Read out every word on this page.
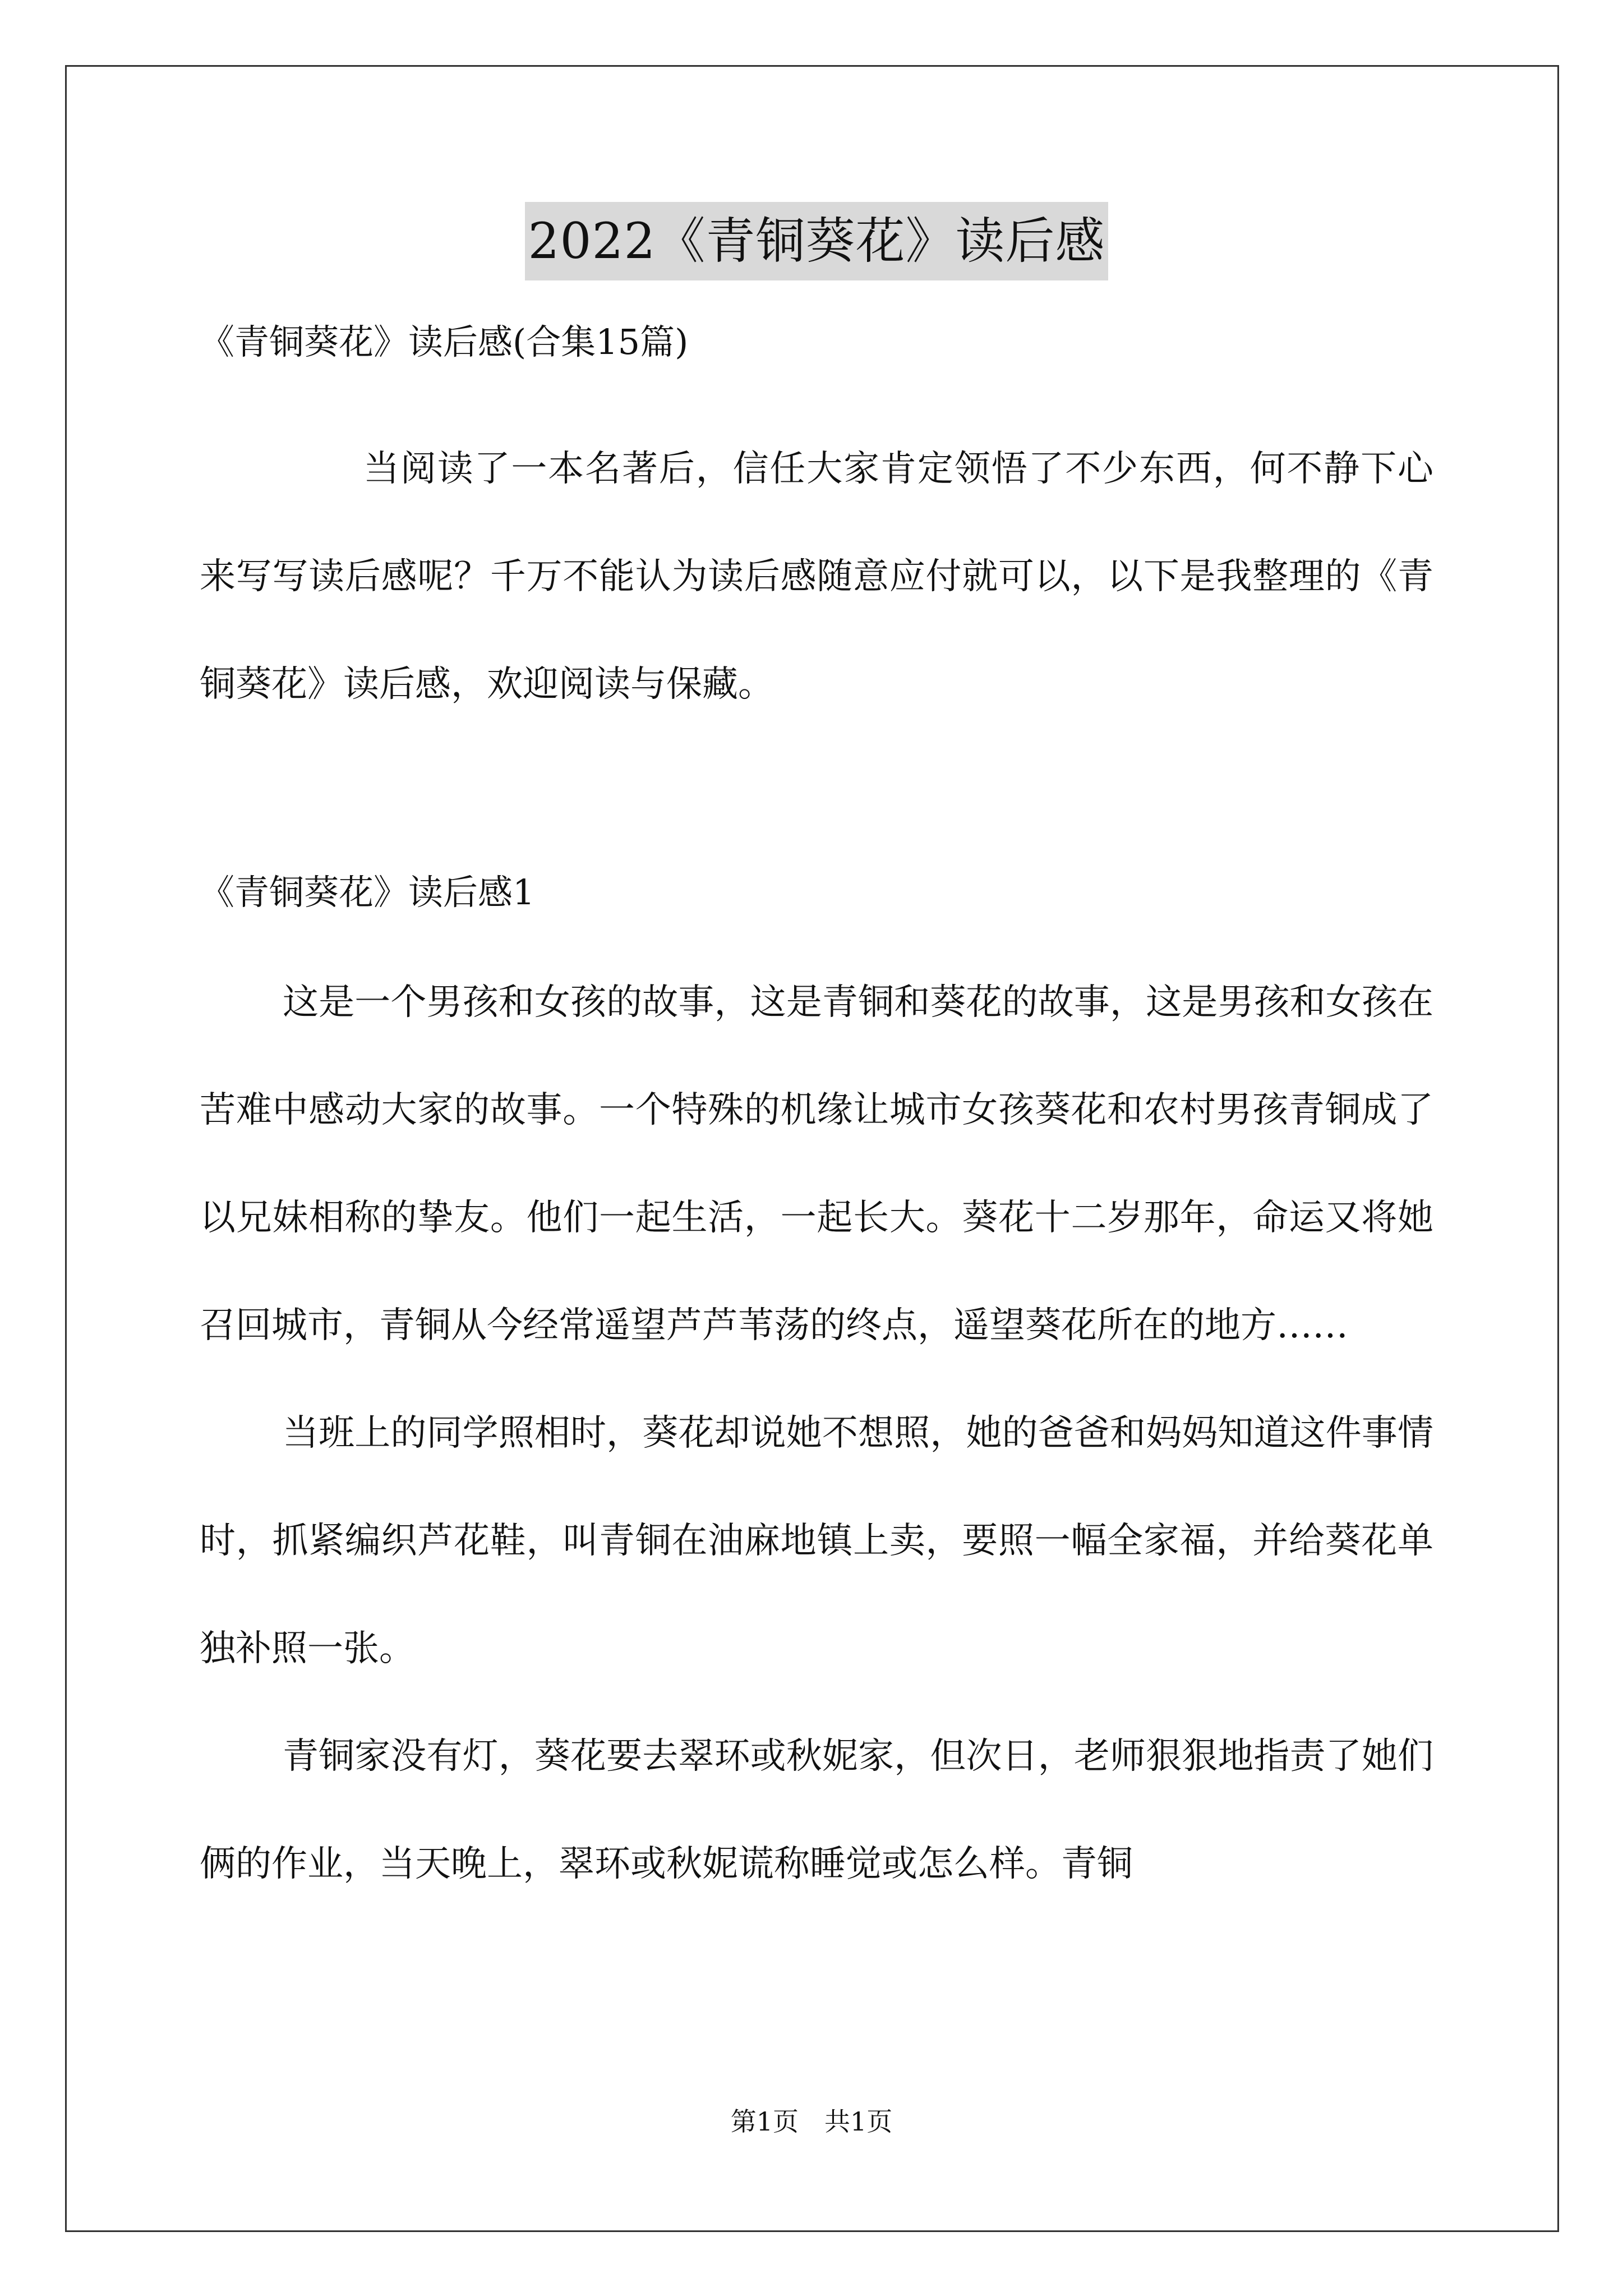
2022《青铜葵花》读后感

《青铜葵花》读后感(合集15篇)

当阅读了一本名著后，信任大家肯定领悟了不少东西，何不静下心来写写读后感呢？千万不能认为读后感随意应付就可以，以下是我整理的《青铜葵花》读后感，欢迎阅读与保藏。

《青铜葵花》读后感1

这是一个男孩和女孩的故事，这是青铜和葵花的故事，这是男孩和女孩在苦难中感动大家的故事。一个特殊的机缘让城市女孩葵花和农村男孩青铜成了以兄妹相称的挚友。他们一起生活，一起长大。葵花十二岁那年，命运又将她召回城市，青铜从今经常遥望芦芦苇荡的终点，遥望葵花所在的地方……

当班上的同学照相时，葵花却说她不想照，她的爸爸和妈妈知道这件事情时，抓紧编织芦花鞋，叫青铜在油麻地镇上卖，要照一幅全家福，并给葵花单独补照一张。

青铜家没有灯，葵花要去翠环或秋妮家，但次日，老师狠狠地指责了她们俩的作业，当天晚上，翠环或秋妮谎称睡觉或怎么样。青铜

第1页　共1页
